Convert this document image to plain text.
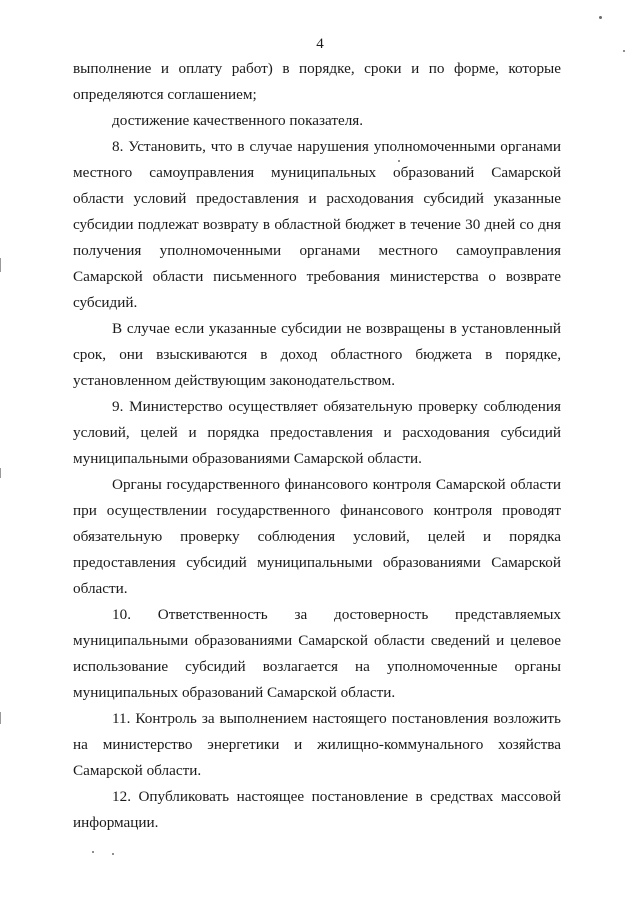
4

выполнение и оплату работ) в порядке, сроки и по форме, которые определяются соглашением;

достижение качественного показателя.

8. Установить, что в случае нарушения уполномоченными органами местного самоуправления муниципальных образований Самарской области условий предоставления и расходования субсидий указанные субсидии подлежат возврату в областной бюджет в течение 30 дней со дня получения уполномоченными органами местного самоуправления Самарской области письменного требования министерства о возврате субсидий.

В случае если указанные субсидии не возвращены в установленный срок, они взыскиваются в доход областного бюджета в порядке, установленном действующим законодательством.

9. Министерство осуществляет обязательную проверку соблюдения условий, целей и порядка предоставления и расходования субсидий муниципальными образованиями Самарской области.

Органы государственного финансового контроля Самарской области при осуществлении государственного финансового контроля проводят обязательную проверку соблюдения условий, целей и порядка предоставления субсидий муниципальными образованиями Самарской области.

10. Ответственность за достоверность представляемых муниципальными образованиями Самарской области сведений и целевое использование субсидий возлагается на уполномоченные органы муниципальных образований Самарской области.

11. Контроль за выполнением настоящего постановления возложить на министерство энергетики и жилищно-коммунального хозяйства Самарской области.

12. Опубликовать настоящее постановление в средствах массовой информации.
